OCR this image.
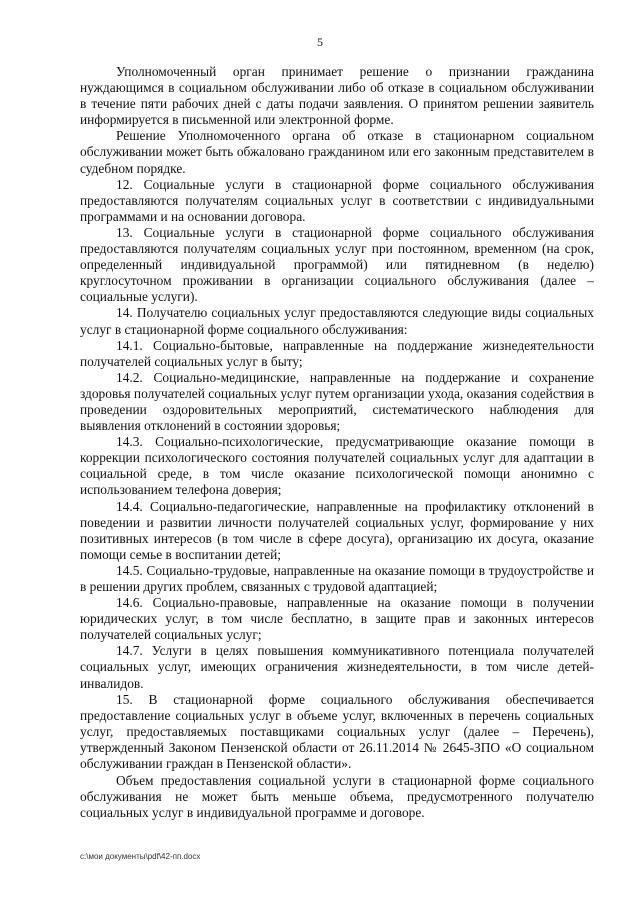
5

Уполномоченный орган принимает решение о признании гражданина нуждающимся в социальном обслуживании либо об отказе в социальном обслуживании в течение пяти рабочих дней с даты подачи заявления. О принятом решении заявитель информируется в письменной или электронной форме.

Решение Уполномоченного органа об отказе в стационарном социальном обслуживании может быть обжаловано гражданином или его законным представителем в судебном порядке.

12. Социальные услуги в стационарной форме социального обслуживания предоставляются получателям социальных услуг в соответствии с индивидуальными программами и на основании договора.

13. Социальные услуги в стационарной форме социального обслуживания предоставляются получателям социальных услуг при постоянном, временном (на срок, определенный индивидуальной программой) или пятидневном (в неделю) круглосуточном проживании в организации социального обслуживания (далее – социальные услуги).

14. Получателю социальных услуг предоставляются следующие виды социальных услуг в стационарной форме социального обслуживания:

14.1. Социально-бытовые, направленные на поддержание жизнедеятельности получателей социальных услуг в быту;

14.2. Социально-медицинские, направленные на поддержание и сохранение здоровья получателей социальных услуг путем организации ухода, оказания содействия в проведении оздоровительных мероприятий, систематического наблюдения для выявления отклонений в состоянии здоровья;

14.3. Социально-психологические, предусматривающие оказание помощи в коррекции психологического состояния получателей социальных услуг для адаптации в социальной среде, в том числе оказание психологической помощи анонимно с использованием телефона доверия;

14.4. Социально-педагогические, направленные на профилактику отклонений в поведении и развитии личности получателей социальных услуг, формирование у них позитивных интересов (в том числе в сфере досуга), организацию их досуга, оказание помощи семье в воспитании детей;

14.5. Социально-трудовые, направленные на оказание помощи в трудоустройстве и в решении других проблем, связанных с трудовой адаптацией;

14.6. Социально-правовые, направленные на оказание помощи в получении юридических услуг, в том числе бесплатно, в защите прав и законных интересов получателей социальных услуг;

14.7. Услуги в целях повышения коммуникативного потенциала получателей социальных услуг, имеющих ограничения жизнедеятельности, в том числе детей-инвалидов.

15. В стационарной форме социального обслуживания обеспечивается предоставление социальных услуг в объеме услуг, включенных в перечень социальных услуг, предоставляемых поставщиками социальных услуг (далее – Перечень), утвержденный Законом Пензенской области от 26.11.2014 № 2645-ЗПО «О социальном обслуживании граждан в Пензенской области».

Объем предоставления социальной услуги в стационарной форме социального обслуживания не может быть меньше объема, предусмотренного получателю социальных услуг в индивидуальной программе и договоре.

c:\мои документы\pdf\42-пп.docx
